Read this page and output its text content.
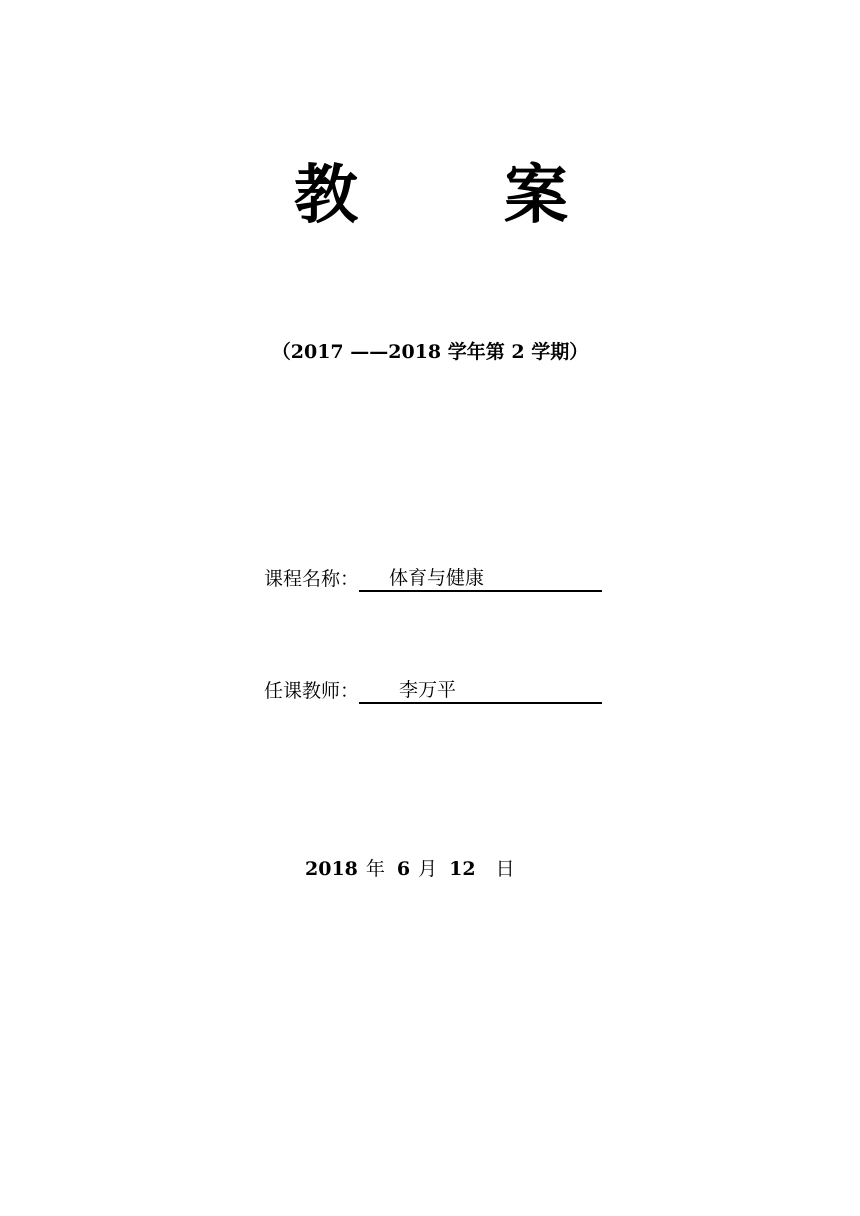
教 案
（2017 ——2018 学年第 2 学期）
课程名称： 体育与健康
任课教师： 李万平
2018 年 6 月 12 日
